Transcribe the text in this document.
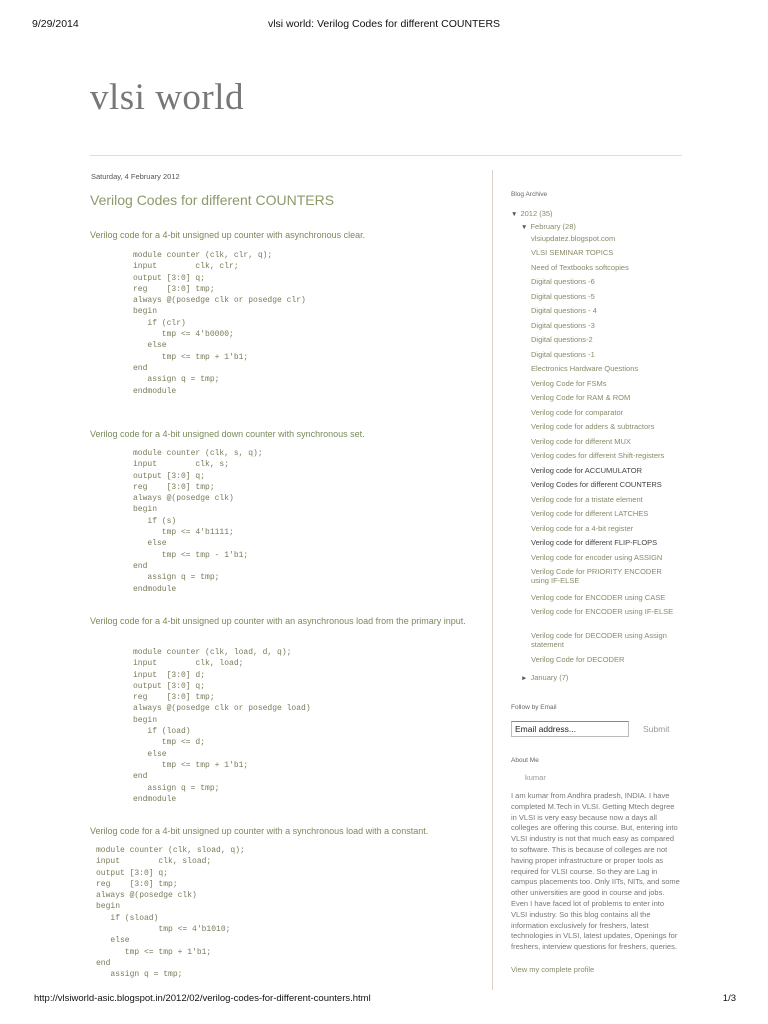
9/29/2014	vlsi world: Verilog Codes for different COUNTERS
vlsi world
Saturday, 4 February 2012
Verilog Codes for different COUNTERS
Verilog code for a 4-bit unsigned up counter with asynchronous clear.
module counter (clk, clr, q);
input        clk, clr;
output [3:0] q;
reg    [3:0] tmp;
always @(posedge clk or posedge clr)
begin
if (clr)
tmp <= 4'b0000;
else
tmp <= tmp + 1'b1;
end
assign q = tmp;
endmodule
Verilog code for a 4-bit unsigned down counter with synchronous set.
module counter (clk, s, q);
input        clk, s;
output [3:0] q;
reg    [3:0] tmp;
always @(posedge clk)
begin
if (s)
tmp <= 4'b1111;
else
tmp <= tmp - 1'b1;
end
assign q = tmp;
endmodule
Verilog code for a 4-bit unsigned up counter with an asynchronous load from the primary input.
module counter (clk, load, d, q);
input        clk, load;
input  [3:0] d;
output [3:0] q;
reg    [3:0] tmp;
always @(posedge clk or posedge load)
begin
if (load)
tmp <= d;
else
tmp <= tmp + 1'b1;
end
assign q = tmp;
endmodule
Verilog code for a 4-bit unsigned up counter with a synchronous load with a constant.
module counter (clk, sload, q);
input        clk, sload;
output [3:0] q;
reg    [3:0] tmp;
always @(posedge clk)
begin
if (sload)
tmp <= 4'b1010;
else
tmp <= tmp + 1'b1;
end
assign q = tmp;
Blog Archive
▼ 2012 (35)
▼ February (28)
vlsiupdatez.blogspot.com
VLSI SEMINAR TOPICS
Need of Textbooks softcopies
Digital questions -6
Digital questions -5
Digital questions - 4
Digital questions -3
Digital questions-2
Digital questions -1
Electronics Hardware Questions
Verilog Code for FSMs
Verilog Code for RAM & ROM
Verilog code for comparator
Verilog code for adders & subtractors
Verilog code for different MUX
Verilog codes for different Shift-registers
Verilog code for ACCUMULATOR
Verilog Codes for different COUNTERS
Verilog code for a tristate element
Verilog code for different LATCHES
Verilog code for a 4-bit register
Verilog code for different FLIP-FLOPS
Verilog code for encoder using ASSIGN
Verilog Code for PRIORITY ENCODER using IF-ELSE
Verilog code for ENCODER using CASE
Verilog code for ENCODER using IF-ELSE
Verilog code for DECODER using Assign statement
Verilog Code for DECODER
► January (7)
Follow by Email
Email address...	Submit
About Me
kumar
I am kumar from Andhra pradesh, INDIA. I have completed M.Tech in VLSI. Getting Mtech degree in VLSI is very easy because now a days all colleges are offering this course. But, entering into VLSI industry is not that much easy as compared to software. This is because of colleges are not having proper infrastructure or proper tools as required for VLSI course. So they are Lag in campus placements too. Only IITs, NITs, and some other universities are good in course and jobs. Even I have faced lot of problems to enter into VLSI industry. So this blog contains all the information exclusively for freshers, latest technologies in VLSI, latest updates, Openings for freshers, interview questions for freshers, queries.
View my complete profile
http://vlsiworld-asic.blogspot.in/2012/02/verilog-codes-for-different-counters.html	1/3
